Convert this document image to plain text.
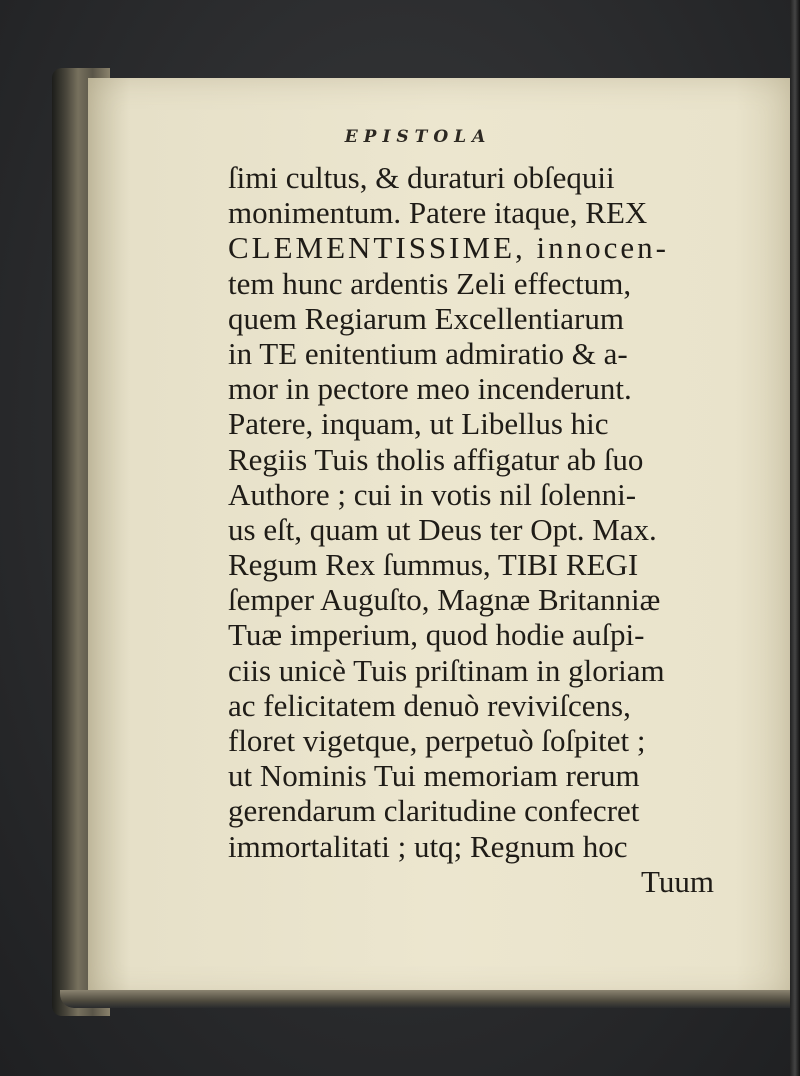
EPISTOLA
ſimi cultus, & duraturi obſequii
monimentum. Patere itaque, REX
CLEMENTISSIME, innocen-
tem hunc ardentis Zeli effectum,
quem Regiarum Excellentiarum
in TE enitentium admiratio & a-
mor in pectore meo incenderunt.
Patere, inquam, ut Libellus hic
Regiis Tuis tholis affigatur ab ſuo
Authore ; cui in votis nil ſolenni-
us eſt, quam ut Deus ter Opt. Max.
Regum Rex ſummus, TIBI REGI
ſemper Auguſto, Magnæ Britanniæ
Tuæ imperium, quod hodie auſpi-
ciis unicè Tuis priſtinam in gloriam
ac felicitatem denuò reviviſcens,
floret vigetque, perpetuò ſoſpitet ;
ut Nominis Tui memoriam rerum
gerendarum claritudine confecret
immortalitati ; utq; Regnum hoc
Tuum
